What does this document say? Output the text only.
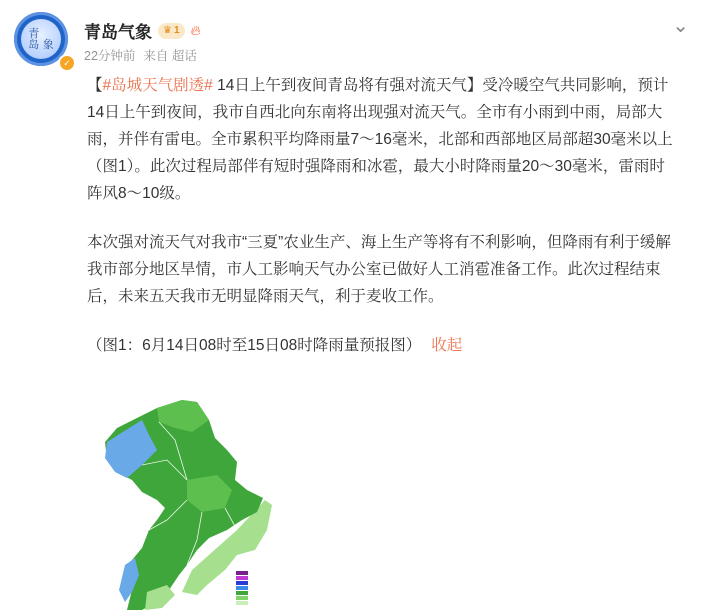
青
岛 象
✓
青岛气象 ♛ 1 🔥︎
22分钟前 来自 超话
⌄

【#岛城天气剧透# 14日上午到夜间青岛将有强对流天气】受冷暖空气共同影响，预计14日上午到夜间，我市自西北向东南将出现强对流天气。全市有小雨到中雨，局部大雨，并伴有雷电。全市累积平均降雨量7～16毫米，北部和西部地区局部超30毫米以上（图1）。此次过程局部伴有短时强降雨和冰雹，最大小时降雨量20～30毫米，雷雨时阵风8～10级。

本次强对流天气对我市“三夏”农业生产、海上生产等将有不利影响，但降雨有利于缓解我市部分地区旱情，市人工影响天气办公室已做好人工消雹准备工作。此次过程结束后，未来五天我市无明显降雨天气，利于麦收工作。

（图1：6月14日08时至15日08时降雨量预报图） 收起
